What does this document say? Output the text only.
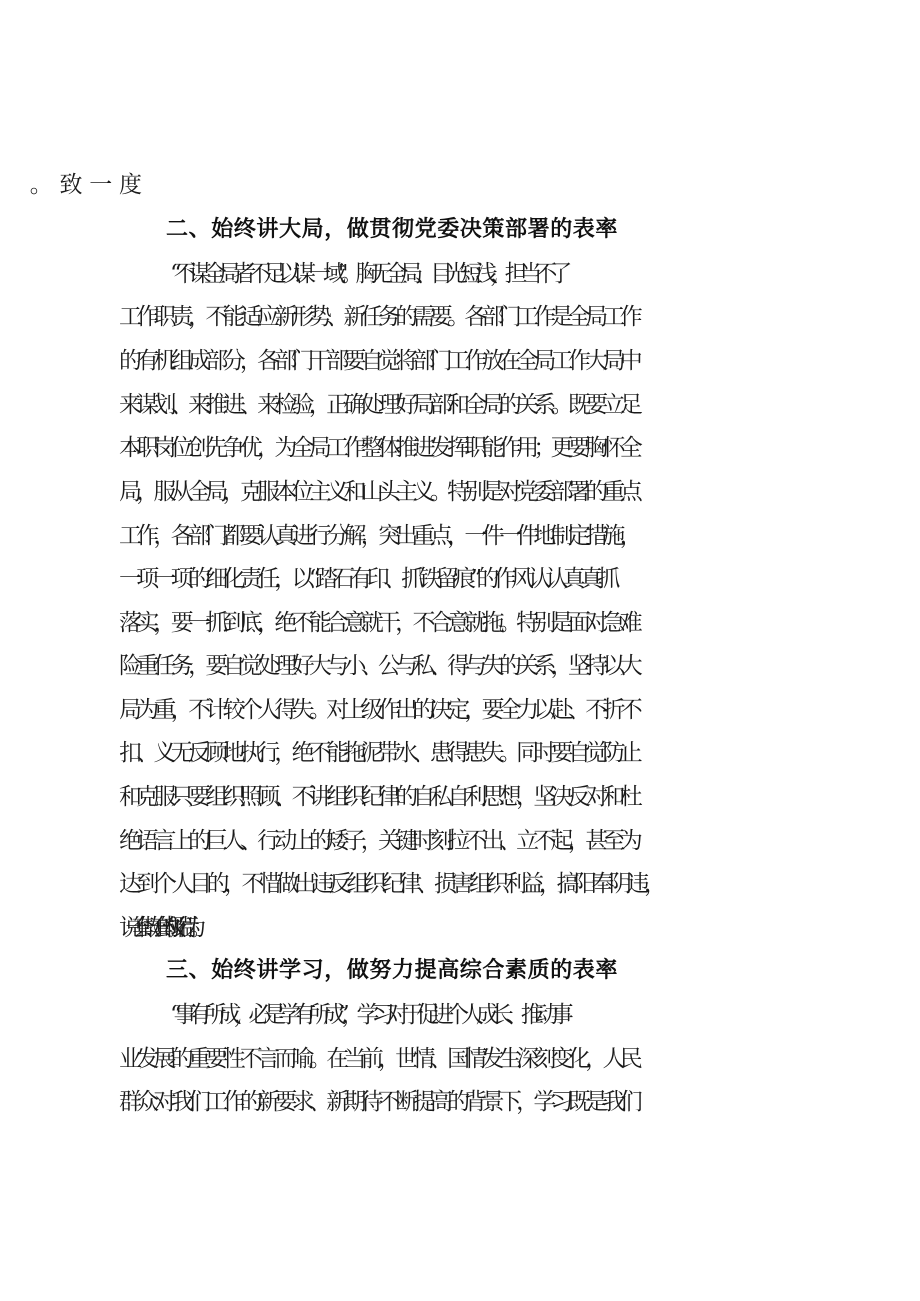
二、始终讲大局，做贯彻党委决策部署的表率
“不谋全局者不足以谋一域"。胸无全局、目光短浅，担当不了
工作职责，不能适应新形势、新任务的需要。各部门工作是全局工作
的有机组成部分，各部门干部要自觉将部门工作放在全局工作大局中
来谋划、来推进、来检验，正确处理好局部和全局的关系。既要立足
本职岗位创先争优，为全局工作整体推进发挥职能作用；更要胸怀全
局，服从全局，克服本位主义和山头主义。特别是对党委部署的重点
工作，各部门都要认真进行分解，突出重点，一件一件地制定措施，
一项一项的细化责任，以“踏石有印、抓铁留痕”的作风认认真真抓
落实，要一抓到底，绝不能合意就干，不合意就拖。特别是面对急难
险重任务，要自觉处理好大与小、公与私、得与失的关系，坚持以大
局为重，不计较个人得失。对上级作出的决定，要全力以赴、不折不
扣、义无反顾地执行，绝不能拖泥带水、患得患失。同时要自觉防止
和克服只要组织照顾、不讲组织纪律的自私自利思想，坚决反对和杜
绝语言上的巨人、行动上的矮子，关键时刻拉不出、立不起，甚至为
达到个人目的，不惜做出违反组织纪律、损害组织利益，搞阳奉阴违，
说一套做一套的极端行为。
三、始终讲学习，做努力提高综合素质的表率
“事有所成，必是学有所成”，学习对于促进个人成长、推动事
业发展的重要性不言而喻。在当前，世情、国情发生深刻变化，人民
群众对我们工作的新要求、新期待不断提高的背景下，学习既是我们
